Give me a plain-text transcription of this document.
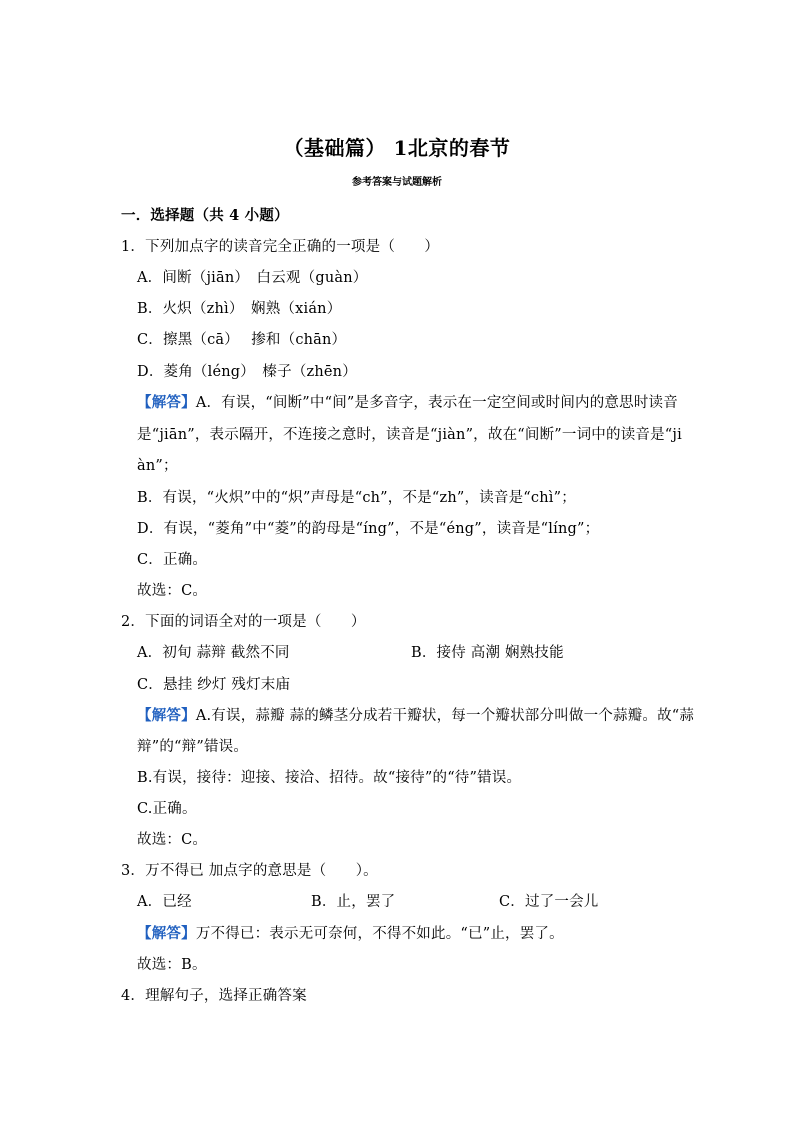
（基础篇） 1北京的春节
参考答案与试题解析
一．选择题（共 4 小题）
1．下列加点字的读音完全正确的一项是（　　）
A．间断（jiān）　白云观（guàn）
B．火炽（zhì）　娴熟（xián）
C．擦黑（cā）　 掺和（chān）
D．菱角（léng）　榛子（zhēn）
【解答】A．有误，“间断”中“间”是多音字，表示在一定空间或时间内的意思时读音
是“jiān”，表示隔开，不连接之意时，读音是“jiàn”，故在“间断”一词中的读音是“ji
àn”；
B．有误，“火炽”中的“炽”声母是“ch”，不是“zh”，读音是“chì”；
D．有误，“菱角”中“菱”的韵母是“íng”，不是“éng”，读音是“líng”；
C．正确。
故选：C。
2．下面的词语全对的一项是（　　）
A．初旬 蒜辩 截然不同	B．接侍 高潮 娴熟技能
C．悬挂 纱灯 残灯末庙
【解答】A.有误，蒜瓣 蒜的鳞茎分成若干瓣状，每一个瓣状部分叫做一个蒜瓣。故“蒜
辩”的“辩”错误。
B.有误，接待：迎接、接洽、招待。故“接待”的“待”错误。
C.正确。
故选：C。
3．万不得已 加点字的意思是（　　）。
A．已经	B．止，罢了	C．过了一会儿
【解答】万不得已：表示无可奈何，不得不如此。“已”止，罢了。
故选：B。
4．理解句子，选择正确答案
